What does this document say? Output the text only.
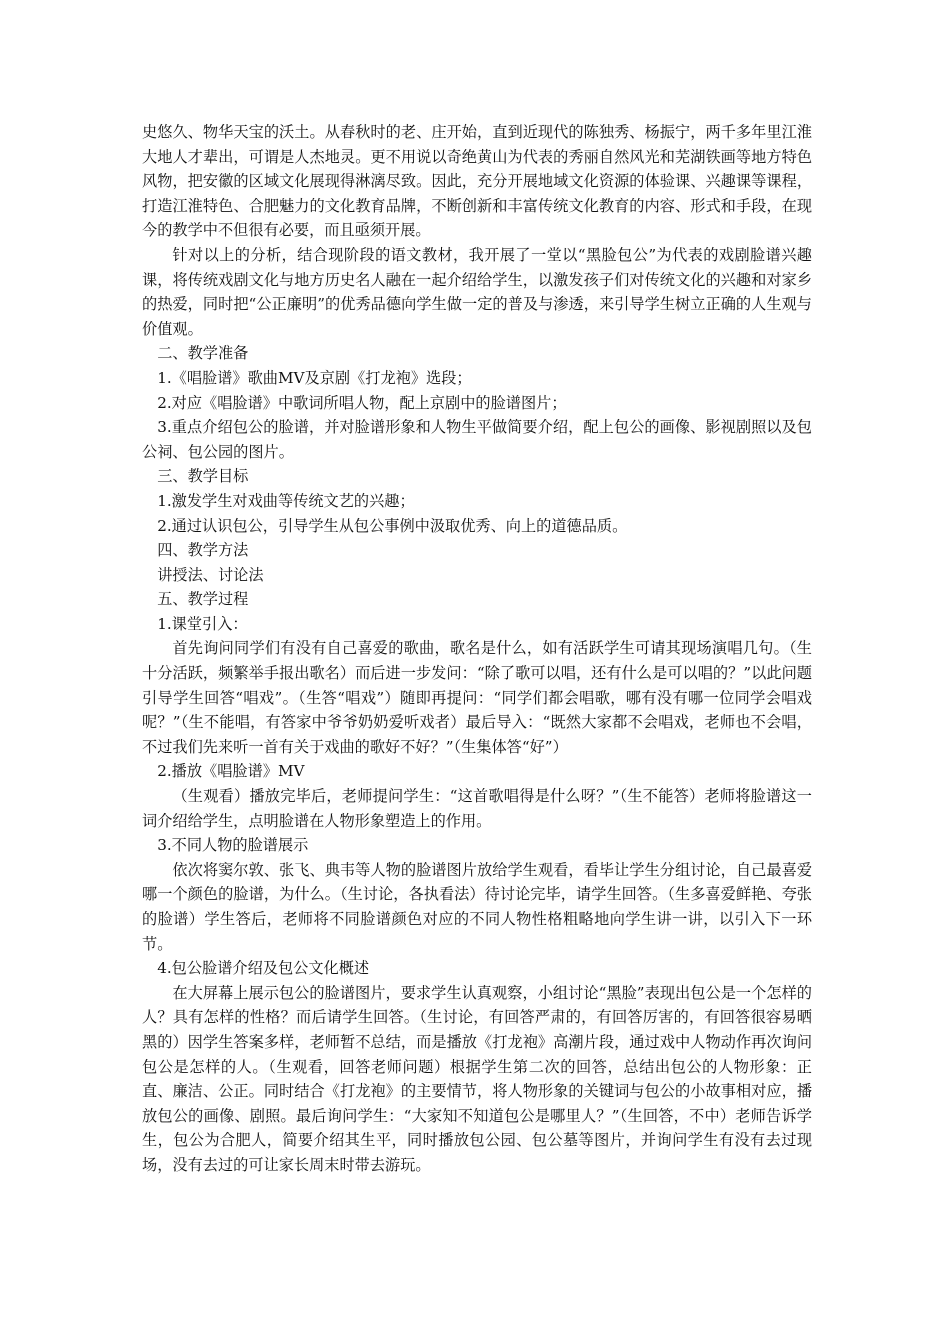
史悠久、物华天宝的沃土。从春秋时的老、庄开始，直到近现代的陈独秀、杨振宁，两千多年里江淮大地人才辈出，可谓是人杰地灵。更不用说以奇绝黄山为代表的秀丽自然风光和芜湖铁画等地方特色风物，把安徽的区域文化展现得淋漓尽致。因此，充分开展地域文化资源的体验课、兴趣课等课程，打造江淮特色、合肥魅力的文化教育品牌，不断创新和丰富传统文化教育的内容、形式和手段，在现今的教学中不但很有必要，而且亟须开展。

针对以上的分析，结合现阶段的语文教材，我开展了一堂以“黑脸包公”为代表的戏剧脸谱兴趣课，将传统戏剧文化与地方历史名人融在一起介绍给学生，以激发孩子们对传统文化的兴趣和对家乡的热爱，同时把“公正廉明”的优秀品德向学生做一定的普及与渗透，来引导学生树立正确的人生观与价值观。

二、教学准备

1.《唱脸谱》歌曲MV及京剧《打龙袍》选段；

2.对应《唱脸谱》中歌词所唱人物，配上京剧中的脸谱图片；

3.重点介绍包公的脸谱，并对脸谱形象和人物生平做简要介绍，配上包公的画像、影视剧照以及包公祠、包公园的图片。

三、教学目标

1.激发学生对戏曲等传统文艺的兴趣；

2.通过认识包公，引导学生从包公事例中汲取优秀、向上的道德品质。

四、教学方法

讲授法、讨论法

五、教学过程

1.课堂引入：

首先询问同学们有没有自己喜爱的歌曲，歌名是什么，如有活跃学生可请其现场演唱几句。（生十分活跃，频繁举手报出歌名）而后进一步发问：“除了歌可以唱，还有什么是可以唱的？”以此问题引导学生回答“唱戏”。（生答“唱戏”）随即再提问：“同学们都会唱歌，哪有没有哪一位同学会唱戏呢？”（生不能唱，有答家中爷爷奶奶爱听戏者）最后导入：“既然大家都不会唱戏，老师也不会唱，不过我们先来听一首有关于戏曲的歌好不好？”（生集体答“好”）

2.播放《唱脸谱》MV

（生观看）播放完毕后，老师提问学生：“这首歌唱得是什么呀？”（生不能答）老师将脸谱这一词介绍给学生，点明脸谱在人物形象塑造上的作用。

3.不同人物的脸谱展示

依次将窦尔敦、张飞、典韦等人物的脸谱图片放给学生观看，看毕让学生分组讨论，自己最喜爱哪一个颜色的脸谱，为什么。（生讨论，各执看法）待讨论完毕，请学生回答。（生多喜爱鲜艳、夸张的脸谱）学生答后，老师将不同脸谱颜色对应的不同人物性格粗略地向学生讲一讲，以引入下一环节。

4.包公脸谱介绍及包公文化概述

在大屏幕上展示包公的脸谱图片，要求学生认真观察，小组讨论“黑脸”表现出包公是一个怎样的人？具有怎样的性格？而后请学生回答。（生讨论，有回答严肃的，有回答厉害的，有回答很容易晒黑的）因学生答案多样，老师暂不总结，而是播放《打龙袍》高潮片段，通过戏中人物动作再次询问包公是怎样的人。（生观看，回答老师问题）根据学生第二次的回答，总结出包公的人物形象：正直、廉洁、公正。同时结合《打龙袍》的主要情节，将人物形象的关键词与包公的小故事相对应，播放包公的画像、剧照。最后询问学生：“大家知不知道包公是哪里人？”（生回答，不中）老师告诉学生，包公为合肥人，简要介绍其生平，同时播放包公园、包公墓等图片，并询问学生有没有去过现场，没有去过的可让家长周末时带去游玩。
